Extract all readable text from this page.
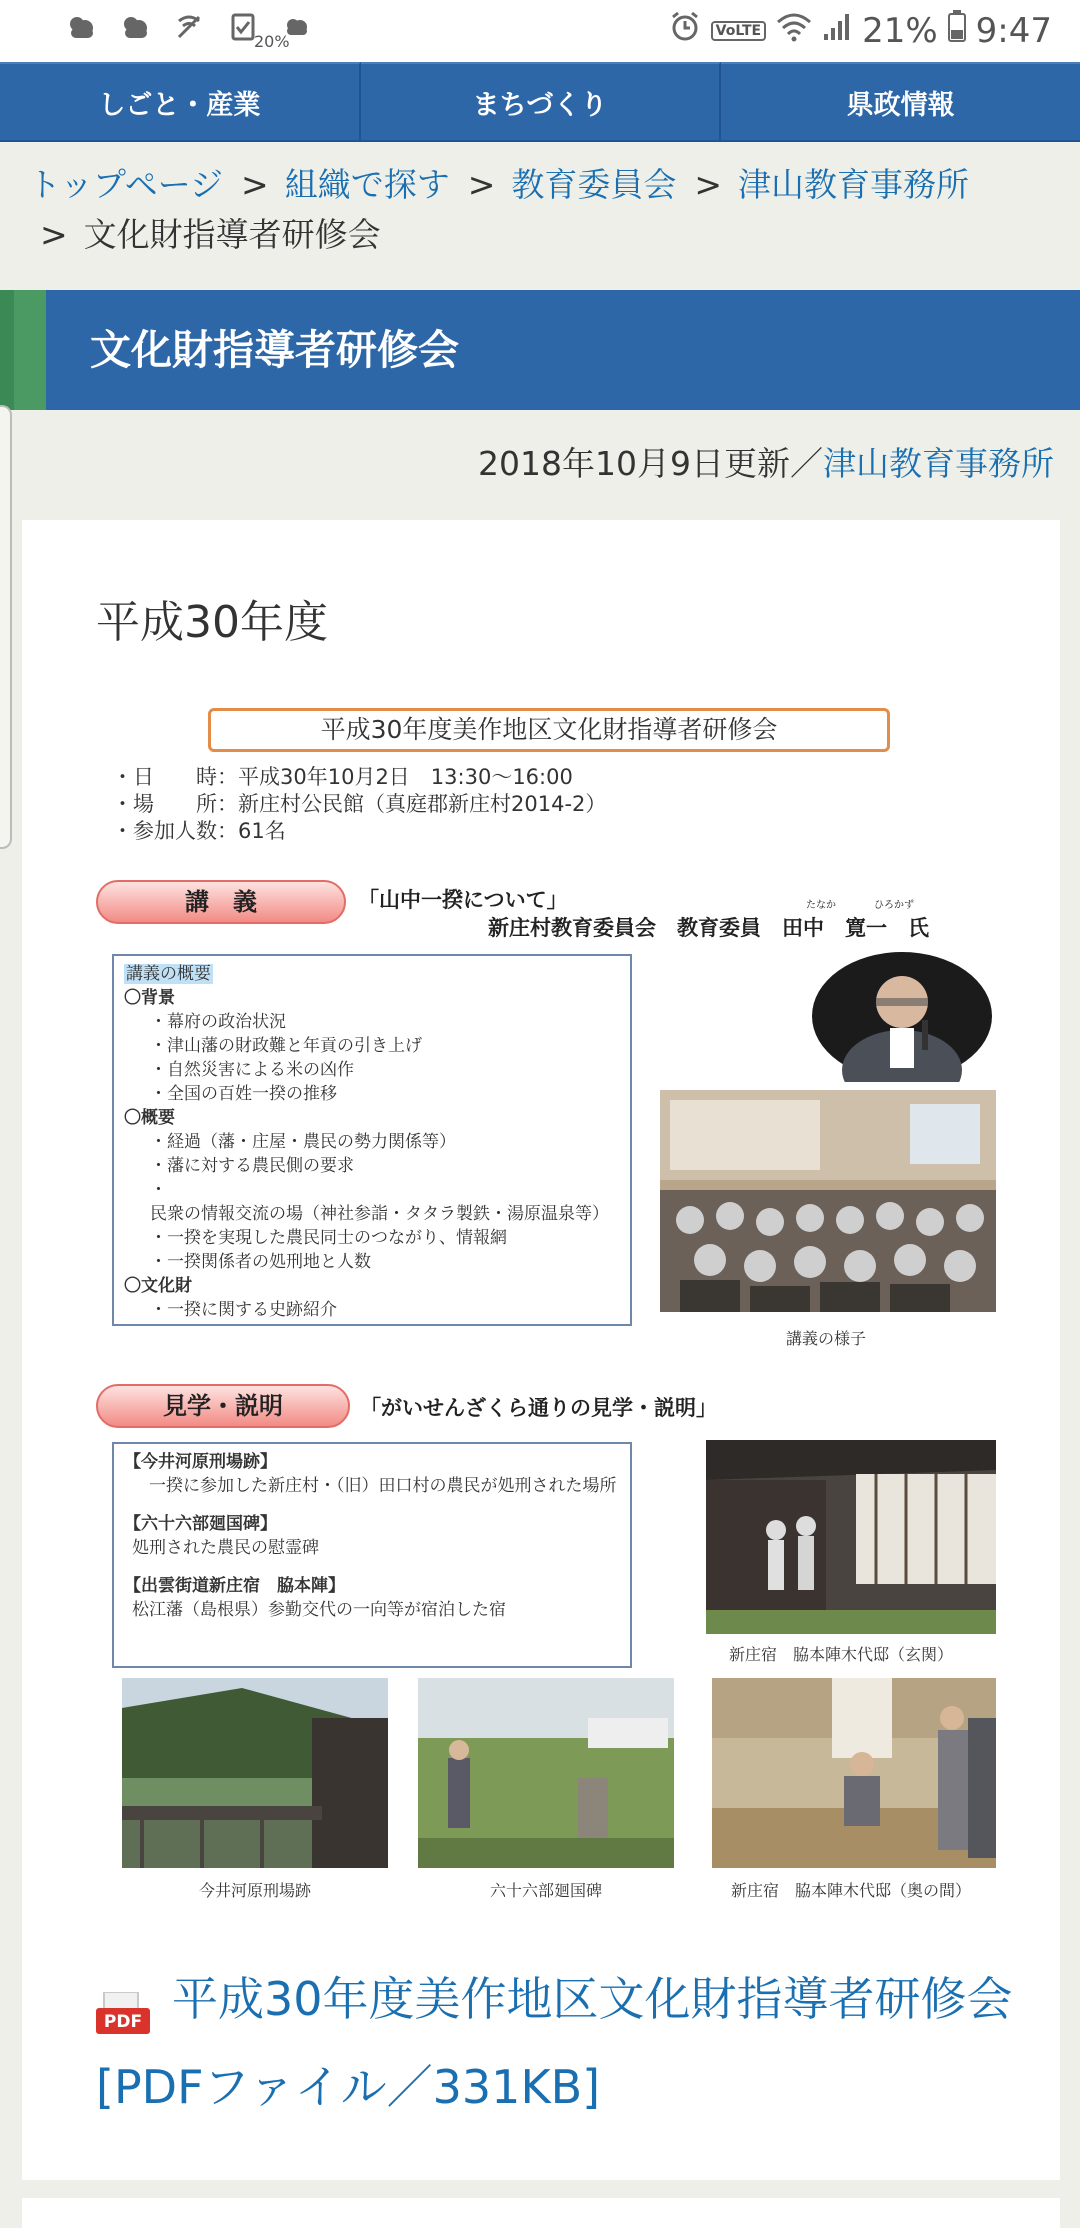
20%
VoLTE	21% 9:47
しごと・産業	まちづくり	県政情報
トップページ > 組織で探す > 教育委員会 > 津山教育事務所
> 文化財指導者研修会
文化財指導者研修会
2018年10月9日更新／津山教育事務所
平成30年度
平成30年度美作地区文化財指導者研修会
・日　　時：平成30年10月2日　13:30〜16:00
・場　　所：新庄村公民館（真庭郡新庄村2014-2）
・参加人数：61名
講　義	「山中一揆について」	たなか	ひろかず
新庄村教育委員会　教育委員　田中　寛一　氏
講義の概要
〇背景
・幕府の政治状況
・津山藩の財政難と年貢の引き上げ
・自然災害による米の凶作
・全国の百姓一揆の推移
〇概要
・経過（藩・庄屋・農民の勢力関係等）
・藩に対する農民側の要求
・民衆の情報交流の場（神社参詣・タタラ製鉄・湯原温泉等）
・一揆を実現した農民同士のつながり、情報網
・一揆関係者の処刑地と人数
〇文化財
・一揆に関する史跡紹介
講義の様子
見学・説明	「がいせんざくら通りの見学・説明」
【今井河原刑場跡】
　一揆に参加した新庄村・（旧）田口村の農民が処刑された場所
【六十六部廻国碑】
処刑された農民の慰霊碑
【出雲街道新庄宿　脇本陣】
松江藩（島根県）参勤交代の一向等が宿泊した宿
新庄宿　脇本陣木代邸（玄関）
今井河原刑場跡	六十六部廻国碑	新庄宿　脇本陣木代邸（奥の間）
PDF 平成30年度美作地区文化財指導者研修会 [PDFファイル／331KB]
